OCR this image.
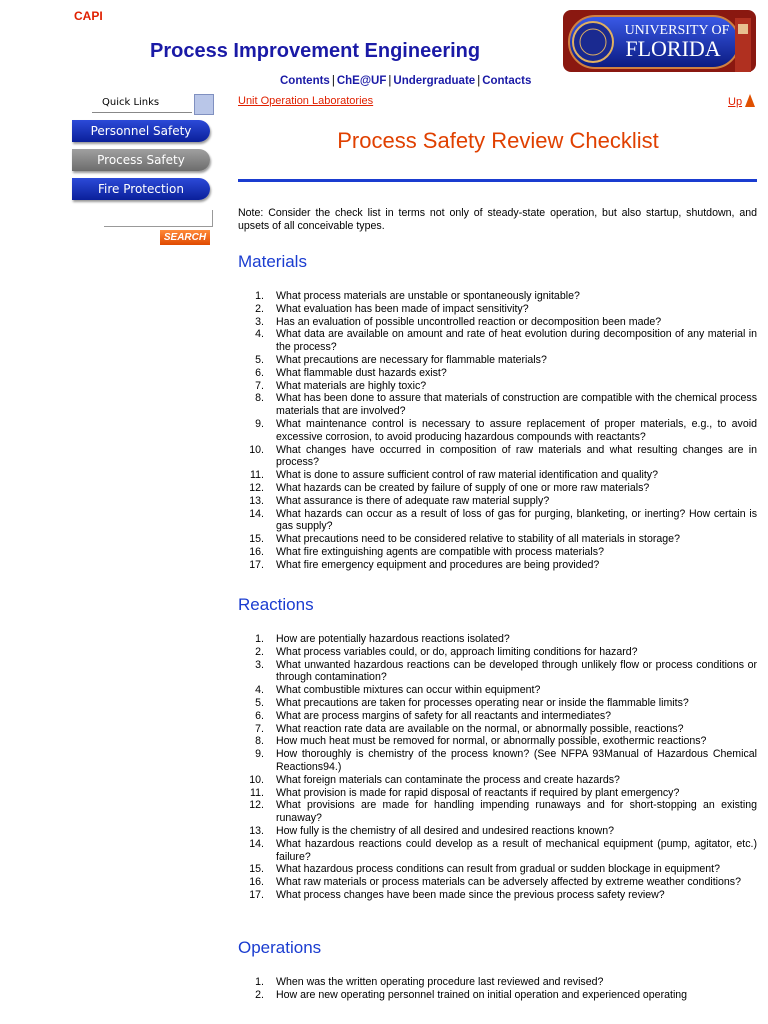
CAPI
Process Improvement Engineering
UNIVERSITY OF
FLORIDA
Contents | ChE@UF | Undergraduate | Contacts
Quick Links
Personnel Safety
Process Safety
Fire Protection
SEARCH
Unit Operation Laboratories	Up
Process Safety Review Checklist
Note: Consider the check list in terms not only of steady-state operation, but also startup, shutdown, and upsets of all conceivable types.
Materials
1. What process materials are unstable or spontaneously ignitable?
2. What evaluation has been made of impact sensitivity?
3. Has an evaluation of possible uncontrolled reaction or decomposition been made?
4. What data are available on amount and rate of heat evolution during decomposition of any material in the process?
5. What precautions are necessary for flammable materials?
6. What flammable dust hazards exist?
7. What materials are highly toxic?
8. What has been done to assure that materials of construction are compatible with the chemical process materials that are involved?
9. What maintenance control is necessary to assure replacement of proper materials, e.g., to avoid excessive corrosion, to avoid producing hazardous compounds with reactants?
10. What changes have occurred in composition of raw materials and what resulting changes are in process?
11. What is done to assure sufficient control of raw material identification and quality?
12. What hazards can be created by failure of supply of one or more raw materials?
13. What assurance is there of adequate raw material supply?
14. What hazards can occur as a result of loss of gas for purging, blanketing, or inerting? How certain is gas supply?
15. What precautions need to be considered relative to stability of all materials in storage?
16. What fire extinguishing agents are compatible with process materials?
17. What fire emergency equipment and procedures are being provided?
Reactions
1. How are potentially hazardous reactions isolated?
2. What process variables could, or do, approach limiting conditions for hazard?
3. What unwanted hazardous reactions can be developed through unlikely flow or process conditions or through contamination?
4. What combustible mixtures can occur within equipment?
5. What precautions are taken for processes operating near or inside the flammable limits?
6. What are process margins of safety for all reactants and intermediates?
7. What reaction rate data are available on the normal, or abnormally possible, reactions?
8. How much heat must be removed for normal, or abnormally possible, exothermic reactions?
9. How thoroughly is chemistry of the process known? (See NFPA 93Manual of Hazardous Chemical Reactions94.)
10. What foreign materials can contaminate the process and create hazards?
11. What provision is made for rapid disposal of reactants if required by plant emergency?
12. What provisions are made for handling impending runaways and for short-stopping an existing runaway?
13. How fully is the chemistry of all desired and undesired reactions known?
14. What hazardous reactions could develop as a result of mechanical equipment (pump, agitator, etc.) failure?
15. What hazardous process conditions can result from gradual or sudden blockage in equipment?
16. What raw materials or process materials can be adversely affected by extreme weather conditions?
17. What process changes have been made since the previous process safety review?
Operations
1. When was the written operating procedure last reviewed and revised?
2. How are new operating personnel trained on initial operation and experienced operating
